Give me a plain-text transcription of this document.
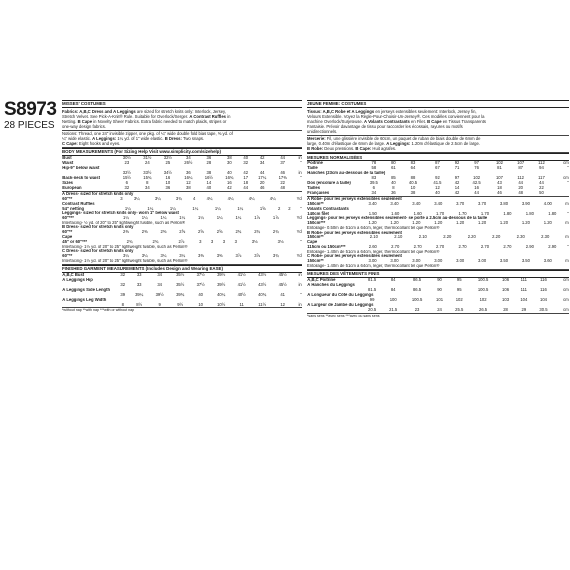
S8973
28 PIECES
MISSES' COSTUMES

Fabrics: A,B,C Dress and A Leggings are sized for stretch knits only: Interlock, Jersey,

Stretch Velvet. See Pick-A-Knit® Rule. Suitable for Overlock/Serger. A Contrast Ruffles in

Netting. B Cape in Novelty Sheer Fabrics. Extra fabric needed to match plaids, stripes or

one-way design fabrics.

Notions: Thread, one 24" invisible zipper, one pkg. of ¼" wide double fold bias tape, ⅜ yd. of

¼" wide elastic. A Leggings: 1¼ yd. of 1" wide elastic. B Dress: Two snaps.

C Cape: Eight hooks and eyes.

BODY MEASUREMENTS (For Sizing Help Visit www.simplicity.com/sizehelp)
Bust	30½	31½	32½	34	36	38	40	42	44	in
Waist	23	24	25	26½	28	30	32	34	37	"
Hip-9" below waist										
	32½	33½	34½	36	38	40	42	44	46	in
Back-neck to waist	15½	15¾	16	16¼	16½	16¾	17	17¼	17⅜	"
Sizes	6	8	10	12	14	16	18	20	22	
European	32	34	36	38	40	42	44	46	48	
A Dress- sized for stretch knits only
60"**	3	3¼	3¼	3¾	4	4¼	4¼	4¼	4¼	Yd
Contrast Ruffles
54" netting	1¼	1¼	1¼	1¼	1¼	1¼	1⅝	2	2	"
Leggings- sized for stretch knits only- worn 1" below waist
60"***	1¼	1¼	1¼	1¼	1¼	1¼	1¼	1⅞	1⅞	Yd
Interfacing- ½ yd. of 20" to 25" lightweight fusible, such as Pellon®
B Dress- sized for stretch knits only
60"**	2⅜	2⅜	2⅜	2⅝	2⅝	2⅝	2¾	2¾	2¾	Yd
Cape
45" or 60"***	2¾	2¾	2⅞	3	3	3	3	3⅛	3⅛	"
Interfacing- 1½ yd. of 20" to 25" lightweight fusible, such as Pellon®
C Dress- sized for stretch knits only
60"**	3¼	3¼	3¼	3¼	3⅜	3⅜	3⅞	3⅞	3¾	Yd
Interfacing- 1½ yd. of 20" to 25" lightweight fusible, such as Pellon®
FINISHED GARMENT MEASUREMENTS (Includes Design and Wearing EASE)
A,B,C Bust	32	33	34	35½	37½	39½	41½	43½	45½	in
A Leggings Hip										
	32	33	34	35½	37½	39½	41½	43½	45½	in
A Leggings Side Length										
	39	39¼	39½	39¾	40	40¼	40½	40¾	41	"
A Leggings Leg Width										
	8	8½	9	9½	10	10½	11	11½	12	in
*without nap **with nap ***with or without nap
JEUNE FEMME: COSTUMES

Tissus: A,B,C Robe et A Leggings en jerseys extensibles seulement: Interlock, Jersey fin,

Velours Extensible. Voyez la Règle-Pour-Choisir-Un-Jersey®. Ces modèles conviennent pour la

machine Overlock/Surjeteuse. A Volants Contrastants en Filet. B Cape en Tissus Transparents

Fantaisie. Prévoir davantage de tissu pour raccorder les écossais, rayures ou motifs

unidirectionnels.

Mercerie: Fil, une glissière invisible de 60cm, un paquet de ruban de biais double de 6mm de

large, 0.40m d'élastique de 6mm de large. A Leggings: 1.20m d'élastique de 2.5cm de large.

B Robe: Deux pressions. B Cape: Huit agrafes.

MESURES NORMALISÉES
Poitrine	78	80	83	87	92	97	102	107	112	cm
Taille	58	61	64	67	71	76	81	87	94	"
Hanches (23cm au-dessous de la taille)										
	83	85	88	92	97	102	107	112	117	cm
Dos (encolure à taille)	39.5	40	40.5	41.5	42	42.5	43	44	44	"
Tailles	6	8	10	12	14	16	18	20	22	
Françaises	34	36	38	40	42	44	46	48	50	
A Robe- pour les jerseys extensibles seulement
150cm**	3.40	3.40	3.40	3.40	3.70	3.70	3.80	3.90	4.00	m
Volants Contrastants
140cm filet	1.50	1.60	1.60	1.70	1.70	1.70	1.80	1.80	1.80	"
Leggings- pour les jerseys extensibles seulement- se porte à 2.5cm au-dessous de la taille
150cm***	1.20	1.20	1.20	1.20	1.20	1.20	1.20	1.20	1.20	m
Entoilage- 0.50m de 51cm à 64cm, léger, thermocollant tel que Pellon®
B Robe- pour les jerseys extensibles seulement
150cm**	2.10	2.10	2.10	2.20	2.20	2.20	2.30	2.30	m
Cape
115cm ou 150cm***	2.60	2.70	2.70	2.70	2.70	2.70	2.70	2.90	2.90	"
Entoilage- 1.40m de 51cm à 64cm, léger, thermocollant tel que Pellon®
C Robe- pour les jerseys extensibles seulement
150cm**	3.00	3.00	3.00	3.00	3.00	3.00	3.50	3.50	3.60	m
Entoilage- 1.40m de 51cm à 64cm, léger, thermocollant tel que Pellon®
MESURES DES VÊTEMENTS FINIS
A,B,C Poitrine	81.5	84	86.5	90	95	100.5	106	111	116	cm
A Hanches du Leggings										
	81.5	84	86.5	90	95	100.5	106	111	116	cm
A Longueur du Côté du Leggings										
	99	100	100.5	101	102	102	103	104	104	cm
A Largeur de Jambe du Leggings										
	20.5	21.5	23	24	25.5	26.5	28	29	30.5	cm
*sans sens **avec sens ***avec ou sans sens
